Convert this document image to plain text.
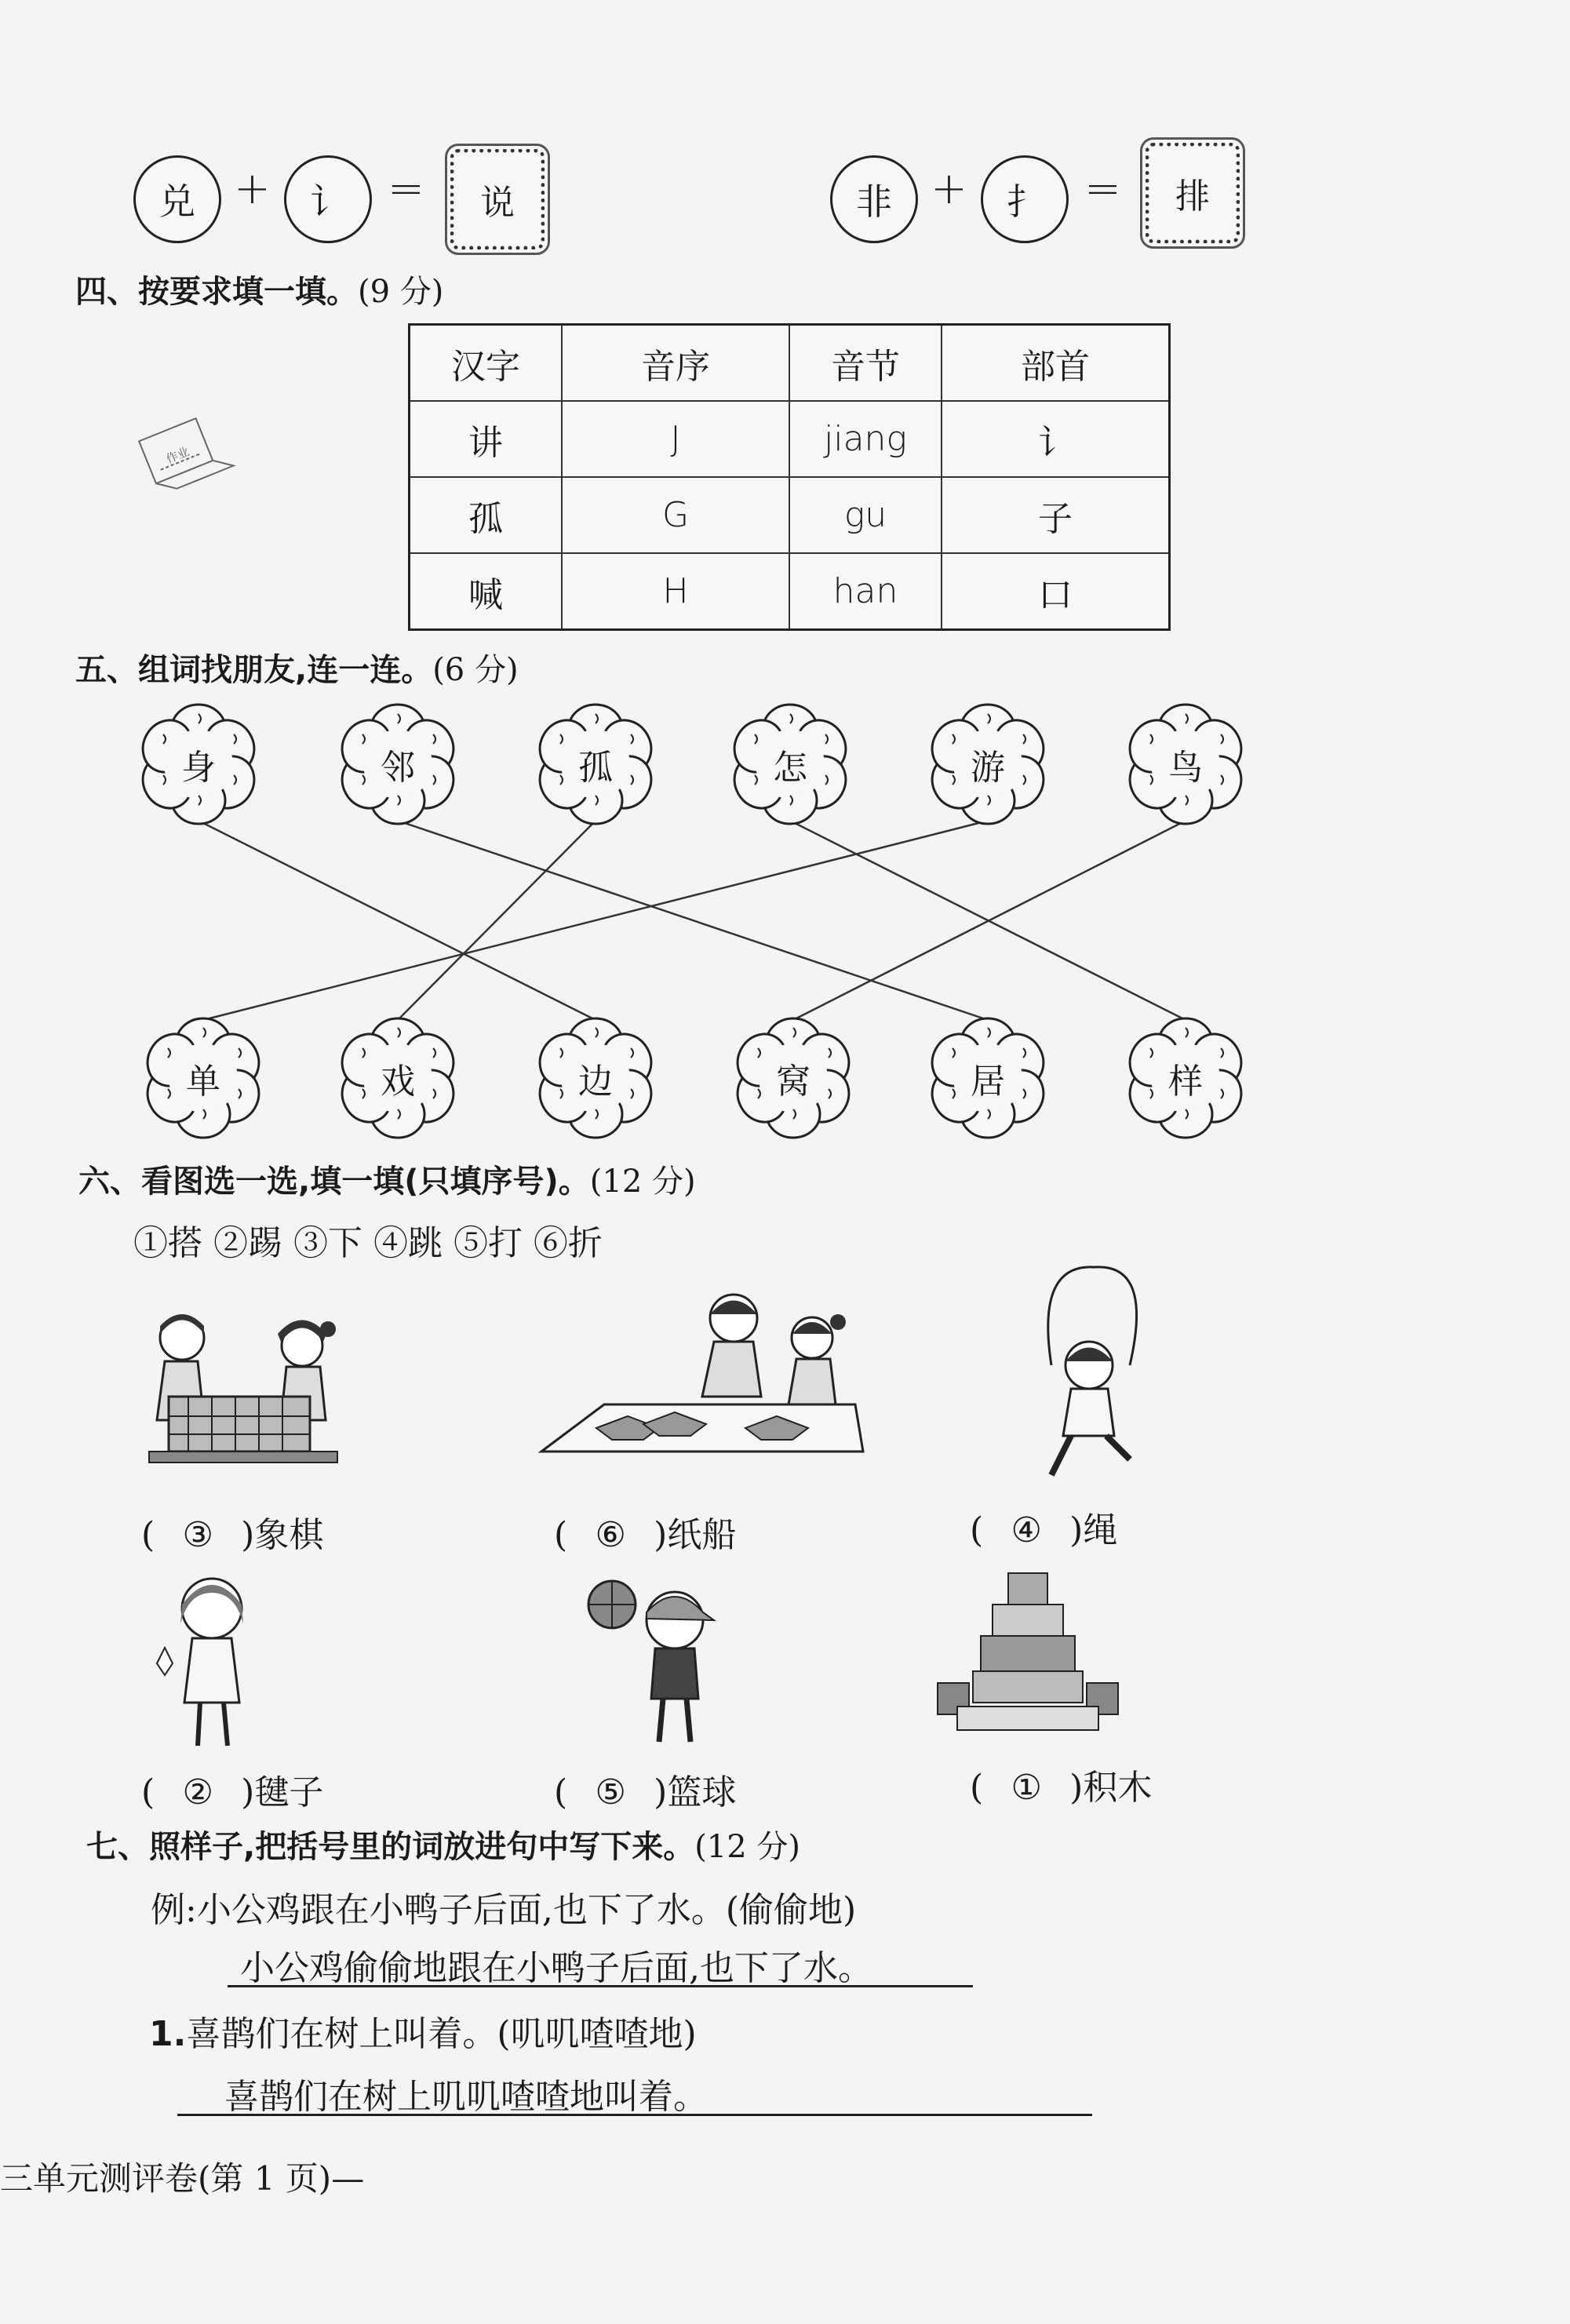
兑 +	讠 =	说	非 +	扌 =	排
四、按要求填一填。(9 分)
作业
汉字	音序	音节	部首
讲	J	jiang	讠
孤	G	gu	子
喊	H	han	口
五、组词找朋友,连一连。(6 分)
身	邻	孤	怎	游	鸟
单	戏	边	窝	居	样
六、看图选一选,填一填(只填序号)。(12 分)
①搭 ②踢 ③下 ④跳 ⑤打 ⑥折
( ③ )象棋	( ⑥ )纸船	( ④ )绳
( ② )毽子	( ⑤ )篮球	( ① )积木
七、照样子,把括号里的词放进句中写下来。(12 分)
例:小公鸡跟在小鸭子后面,也下了水。(偷偷地)
小公鸡偷偷地跟在小鸭子后面,也下了水。
1.喜鹊们在树上叫着。(叽叽喳喳地)
喜鹊们在树上叽叽喳喳地叫着。
三单元测评卷(第 1 页)—
